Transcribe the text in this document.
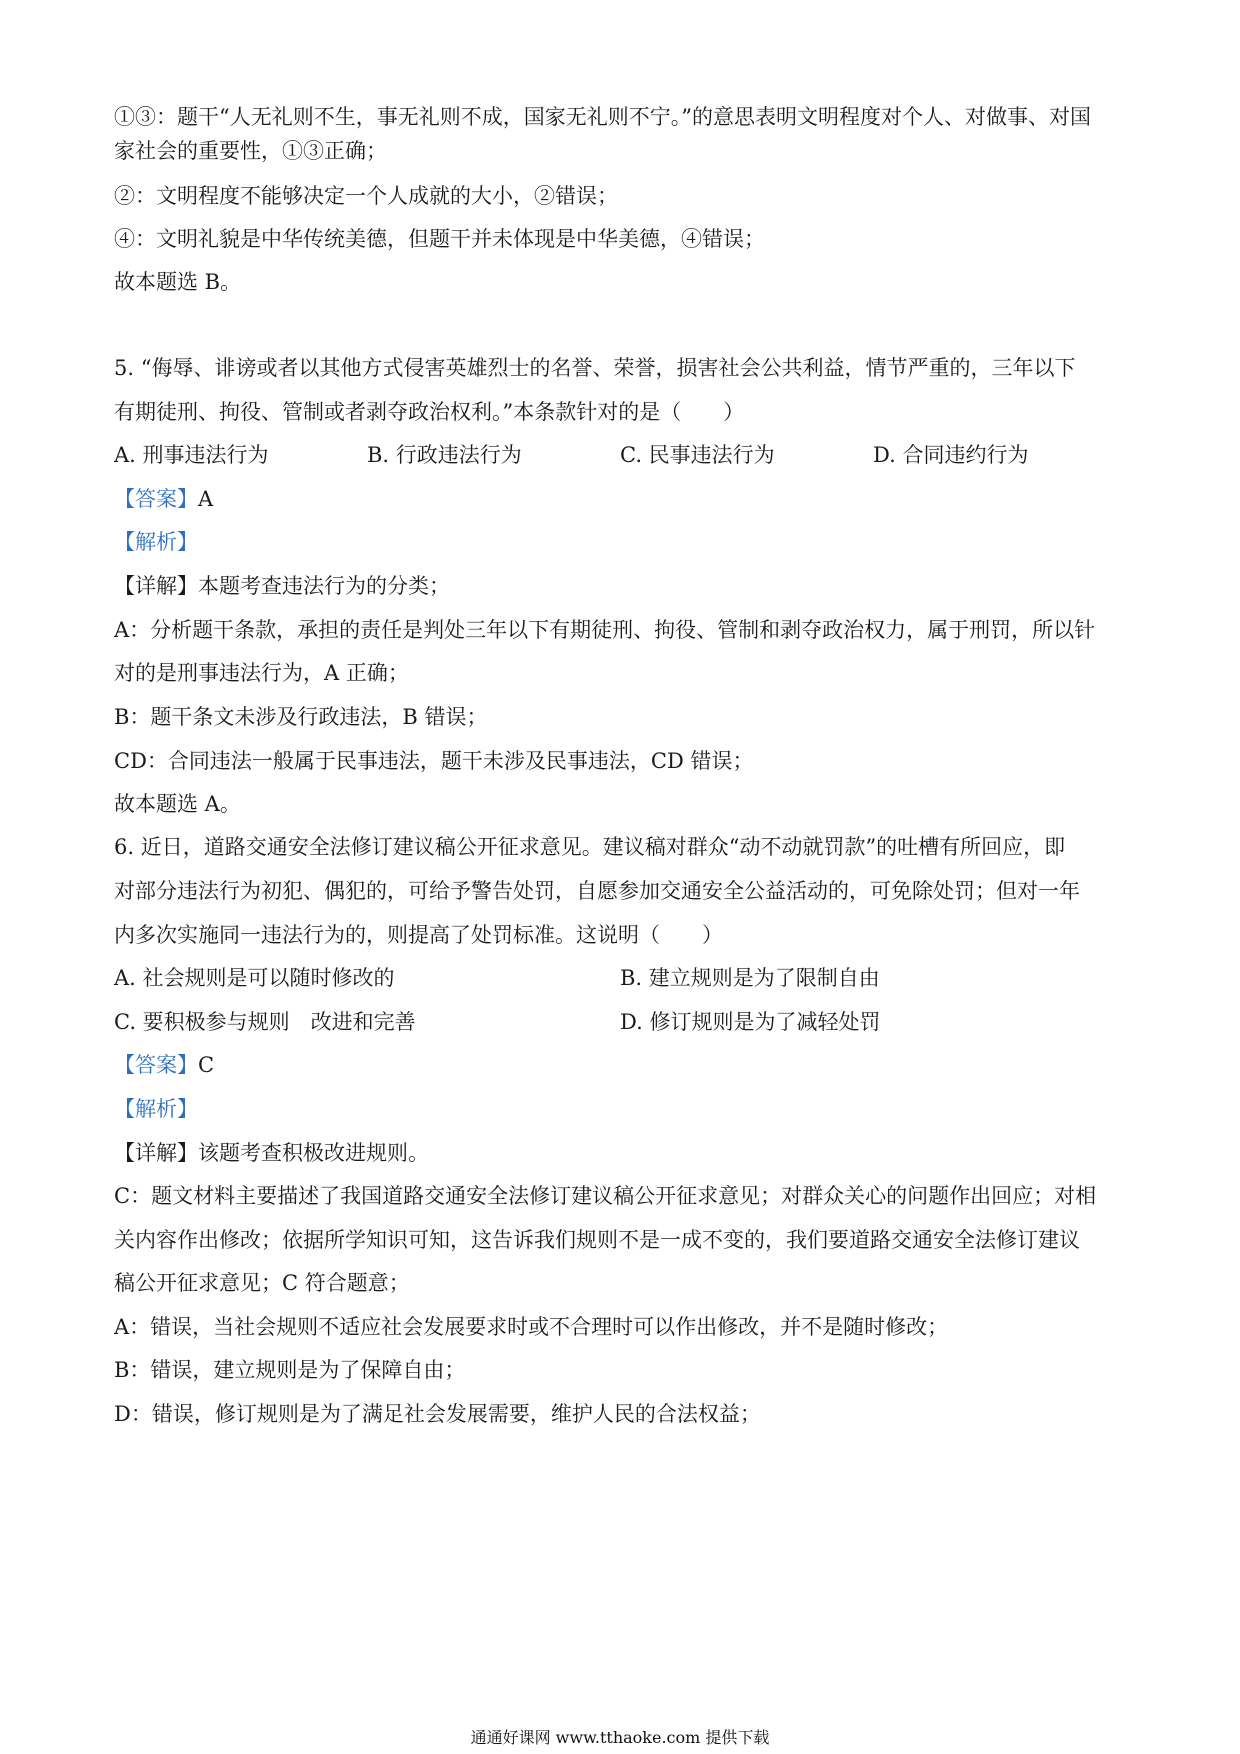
①③：题干“人无礼则不生，事无礼则不成，国家无礼则不宁。”的意思表明文明程度对个人、对做事、对国
家社会的重要性，①③正确；
②：文明程度不能够决定一个人成就的大小，②错误；
④：文明礼貌是中华传统美德，但题干并未体现是中华美德，④错误；
故本题选 B。
5. “侮辱、诽谤或者以其他方式侵害英雄烈士的名誉、荣誉，损害社会公共利益，情节严重的，三年以下
有期徒刑、拘役、管制或者剥夺政治权利。”本条款针对的是（　　）
A. 刑事违法行为	B. 行政违法行为	C. 民事违法行为	D. 合同违约行为
【答案】A
【解析】
【详解】本题考查违法行为的分类；
A：分析题干条款，承担的责任是判处三年以下有期徒刑、拘役、管制和剥夺政治权力，属于刑罚，所以针
对的是刑事违法行为，A 正确；
B：题干条文未涉及行政违法，B 错误；
CD：合同违法一般属于民事违法，题干未涉及民事违法，CD 错误；
故本题选 A。
6. 近日，道路交通安全法修订建议稿公开征求意见。建议稿对群众“动不动就罚款”的吐槽有所回应，即
对部分违法行为初犯、偶犯的，可给予警告处罚，自愿参加交通安全公益活动的，可免除处罚；但对一年
内多次实施同一违法行为的，则提高了处罚标准。这说明（　　）
A. 社会规则是可以随时修改的	B. 建立规则是为了限制自由
C. 要积极参与规则　改进和完善	D. 修订规则是为了减轻处罚
【答案】C
【解析】
【详解】该题考查积极改进规则。
C：题文材料主要描述了我国道路交通安全法修订建议稿公开征求意见；对群众关心的问题作出回应；对相
关内容作出修改；依据所学知识可知，这告诉我们规则不是一成不变的，我们要道路交通安全法修订建议
稿公开征求意见；C 符合题意；
A：错误，当社会规则不适应社会发展要求时或不合理时可以作出修改，并不是随时修改；
B：错误，建立规则是为了保障自由；
D：错误，修订规则是为了满足社会发展需要，维护人民的合法权益；
通通好课网 www.tthaoke.com 提供下载
